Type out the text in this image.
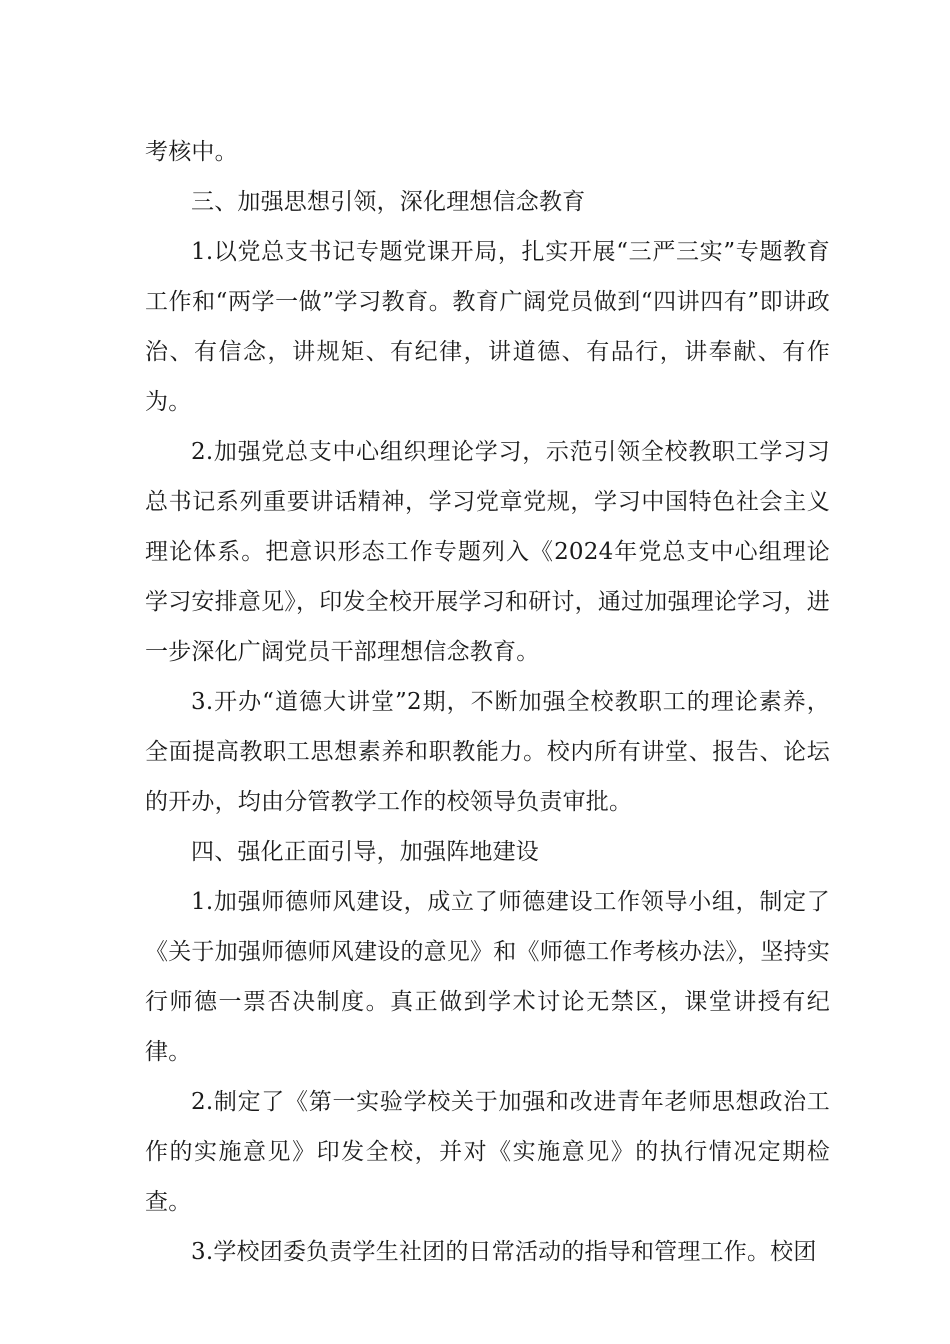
考核中。

三、加强思想引领，深化理想信念教育

1.以党总支书记专题党课开局，扎实开展“三严三实”专题教育工作和“两学一做”学习教育。教育广阔党员做到“四讲四有”即讲政治、有信念，讲规矩、有纪律，讲道德、有品行，讲奉献、有作为。

2.加强党总支中心组织理论学习，示范引领全校教职工学习习总书记系列重要讲话精神，学习党章党规，学习中国特色社会主义理论体系。把意识形态工作专题列入《2024年党总支中心组理论学习安排意见》，印发全校开展学习和研讨，通过加强理论学习，进一步深化广阔党员干部理想信念教育。

3.开办“道德大讲堂”2期，不断加强全校教职工的理论素养，全面提高教职工思想素养和职教能力。校内所有讲堂、报告、论坛的开办，均由分管教学工作的校领导负责审批。

四、强化正面引导，加强阵地建设

1.加强师德师风建设，成立了师德建设工作领导小组，制定了《关于加强师德师风建设的意见》和《师德工作考核办法》，坚持实行师德一票否决制度。真正做到学术讨论无禁区，课堂讲授有纪律。

2.制定了《第一实验学校关于加强和改进青年老师思想政治工作的实施意见》印发全校，并对《实施意见》的执行情况定期检查。

3.学校团委负责学生社团的日常活动的指导和管理工作。校团
